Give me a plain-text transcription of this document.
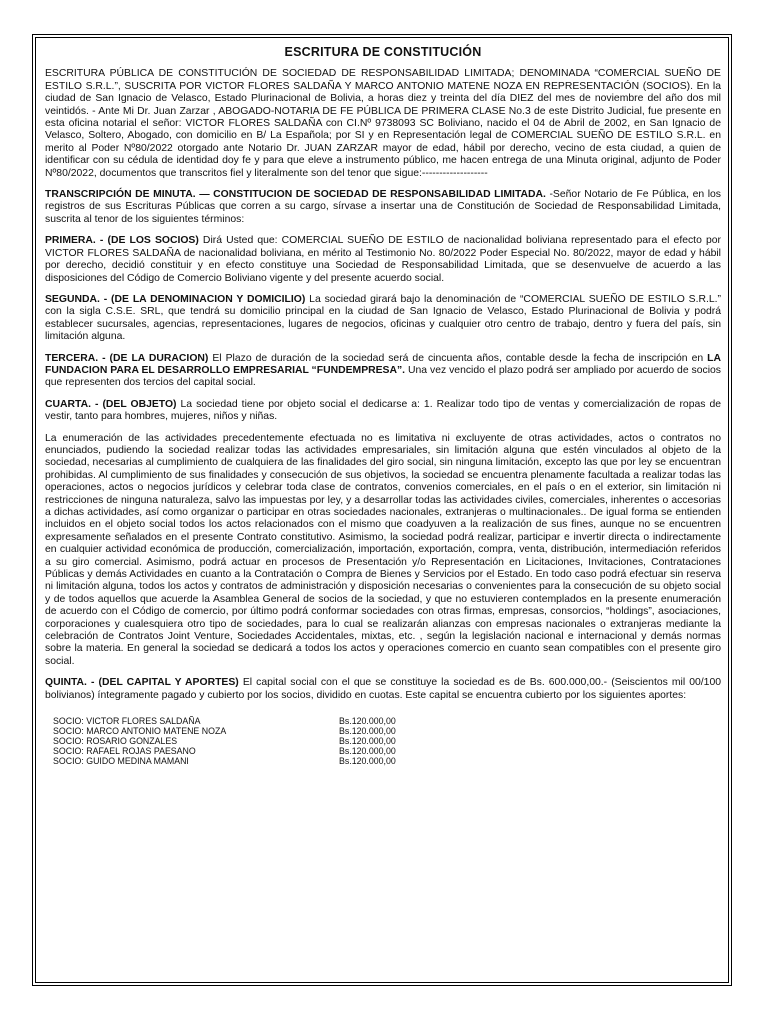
ESCRITURA DE CONSTITUCIÓN

ESCRITURA PÚBLICA DE CONSTITUCIÓN DE SOCIEDAD DE RESPONSABILIDAD LIMITADA; DENOMINADA “COMERCIAL SUEÑO DE ESTILO S.R.L.”, SUSCRITA POR VICTOR FLORES SALDAÑA Y MARCO ANTONIO MATENE NOZA EN REPRESENTACIÓN (SOCIOS). En la ciudad de San Ignacio de Velasco, Estado Plurinacional de Bolivia, a horas diez y treinta del día DIEZ del mes de noviembre del año dos mil veintidós. - Ante Mi Dr. Juan Zarzar , ABOGADO-NOTARIA DE FE PÚBLICA DE PRIMERA CLASE No.3 de este Distrito Judicial, fue presente en esta oficina notarial el señor: VICTOR FLORES SALDAÑA con CI.Nº 9738093 SC Boliviano, nacido el 04 de Abril de 2002, en San Ignacio de Velasco, Soltero, Abogado, con domicilio en B/ La Española; por SI y en Representación legal de COMERCIAL SUEÑO DE ESTILO S.R.L. en merito al Poder Nº80/2022 otorgado ante Notario Dr. JUAN ZARZAR mayor de edad, hábil por derecho, vecino de esta ciudad, a quien de identificar con su cédula de identidad doy fe y para que eleve a instrumento público, me hacen entrega de una Minuta original, adjunto de Poder Nº80/2022, documentos que transcritos fiel y literalmente son del tenor que sigue:-------------------

TRANSCRIPCIÓN DE MINUTA. — CONSTITUCION DE SOCIEDAD DE RESPONSABILIDAD LIMITADA. -Señor Notario de Fe Pública, en los registros de sus Escrituras Públicas que corren a su cargo, sírvase a insertar una de Constitución de Sociedad de Responsabilidad Limitada, suscrita al tenor de los siguientes términos:

PRIMERA. - (DE LOS SOCIOS) Dirá Usted que: COMERCIAL SUEÑO DE ESTILO de nacionalidad boliviana representado para el efecto por VICTOR FLORES SALDAÑA de nacionalidad boliviana, en mérito al Testimonio No. 80/2022 Poder Especial No. 80/2022, mayor de edad y hábil por derecho, decidió constituir y en efecto constituye una Sociedad de Responsabilidad Limitada, que se desenvuelve de acuerdo a las disposiciones del Código de Comercio Boliviano vigente y del presente acuerdo social.

SEGUNDA. - (DE LA DENOMINACION Y DOMICILIO) La sociedad girará bajo la denominación de “COMERCIAL SUEÑO DE ESTILO S.R.L.” con la sigla C.S.E. SRL, que tendrá su domicilio principal en la ciudad de San Ignacio de Velasco, Estado Plurinacional de Bolivia y podrá establecer sucursales, agencias, representaciones, lugares de negocios, oficinas y cualquier otro centro de trabajo, dentro y fuera del país, sin limitación alguna.

TERCERA. - (DE LA DURACION) El Plazo de duración de la sociedad será de cincuenta años, contable desde la fecha de inscripción en LA FUNDACION PARA EL DESARROLLO EMPRESARIAL “FUNDEMPRESA”. Una vez vencido el plazo podrá ser ampliado por acuerdo de socios que representen dos tercios del capital social.

CUARTA. - (DEL OBJETO) La sociedad tiene por objeto social el dedicarse a: 1. Realizar todo tipo de ventas y comercialización de ropas de vestir, tanto para hombres, mujeres, niños y niñas.

La enumeración de las actividades precedentemente efectuada no es limitativa ni excluyente de otras actividades, actos o contratos no enunciados, pudiendo la sociedad realizar todas las actividades empresariales, sin limitación alguna que estén vinculados al objeto de la sociedad, necesarias al cumplimiento de cualquiera de las finalidades del giro social, sin ninguna limitación, excepto las que por ley se encuentran prohibidas. Al cumplimiento de sus finalidades y consecución de sus objetivos, la sociedad se encuentra plenamente facultada a realizar todas las operaciones, actos o negocios jurídicos y celebrar toda clase de contratos, convenios comerciales, en el país o en el exterior, sin limitación ni restricciones de ninguna naturaleza, salvo las impuestas por ley, y a desarrollar todas las actividades civiles, comerciales, inherentes o accesorias a dichas actividades, así como organizar o participar en otras sociedades nacionales, extranjeras o multinacionales.. De igual forma se entienden incluidos en el objeto social todos los actos relacionados con el mismo que coadyuven a la realización de sus fines, aunque no se encuentren expresamente señalados en el presente Contrato constitutivo. Asimismo, la sociedad podrá realizar, participar e invertir directa o indirectamente en cualquier actividad económica de producción, comercialización, importación, exportación, compra, venta, distribución, intermediación referidos a su giro comercial. Asimismo, podrá actuar en procesos de Presentación y/o Representación en Licitaciones, Invitaciones, Contrataciones Públicas y demás Actividades en cuanto a la Contratación o Compra de Bienes y Servicios por el Estado. En todo caso podrá efectuar sin reserva ni limitación alguna, todos los actos y contratos de administración y disposición necesarias o convenientes para la consecución de su objeto social y de todos aquellos que acuerde la Asamblea General de socios de la sociedad, y que no estuvieren contemplados en la presente enumeración de acuerdo con el Código de comercio, por último podrá conformar sociedades con otras firmas, empresas, consorcios, “holdings”, asociaciones, corporaciones y cualesquiera otro tipo de sociedades, para lo cual se realizarán alianzas con empresas nacionales o extranjeras mediante la celebración de Contratos Joint Venture, Sociedades Accidentales, mixtas, etc. , según la legislación nacional e internacional y demás normas sobre la materia. En general la sociedad se dedicará a todos los actos y operaciones comercio en cuanto sean compatibles con el presente giro social.

QUINTA. - (DEL CAPITAL Y APORTES) El capital social con el que se constituye la sociedad es de Bs. 600.000,00.- (Seiscientos mil 00/100 bolivianos) íntegramente pagado y cubierto por los socios, dividido en cuotas. Este capital se encuentra cubierto por los siguientes aportes:

SOCIO: VICTOR FLORES SALDAÑA	Bs.120.000,00
SOCIO: MARCO ANTONIO MATENE NOZA	Bs.120.000,00
SOCIO: ROSARIO GONZALES	Bs.120.000,00
SOCIO: RAFAEL ROJAS PAESANO	Bs.120.000,00
SOCIO: GUIDO MEDINA MAMANI	Bs.120.000,00
